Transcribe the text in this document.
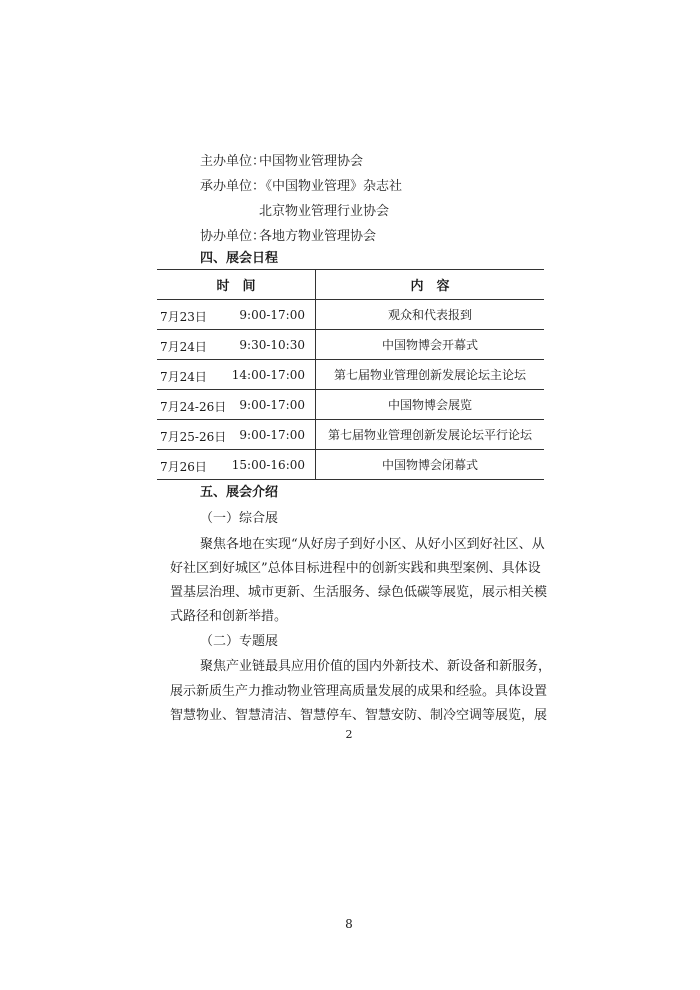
主办单位：
中国物业管理协会
承办单位：
《中国物业管理》杂志社
北京物业管理行业协会
协办单位：
各地方物业管理协会
四、展会日程
时　间	内　容

7月23日 9:00-17:00	观众和代表报到

7月24日 9:30-10:30	中国物博会开幕式

7月24日 14:00-17:00	第七届物业管理创新发展论坛主论坛

7月24-26日 9:00-17:00	中国物博会展览

7月25-26日 9:00-17:00	第七届物业管理创新发展论坛平行论坛

7月26日 15:00-16:00	中国物博会闭幕式
五、展会介绍
（一）综合展
聚焦各地在实现“从好房子到好小区、从好小区到好社区、从
好社区到好城区”总体目标进程中的创新实践和典型案例、具体设
置基层治理、城市更新、生活服务、绿色低碳等展览，展示相关模
式路径和创新举措。
（二）专题展
聚焦产业链最具应用价值的国内外新技术、新设备和新服务，
展示新质生产力推动物业管理高质量发展的成果和经验。具体设置
智慧物业、智慧清洁、智慧停车、智慧安防、制冷空调等展览，展
2
8
